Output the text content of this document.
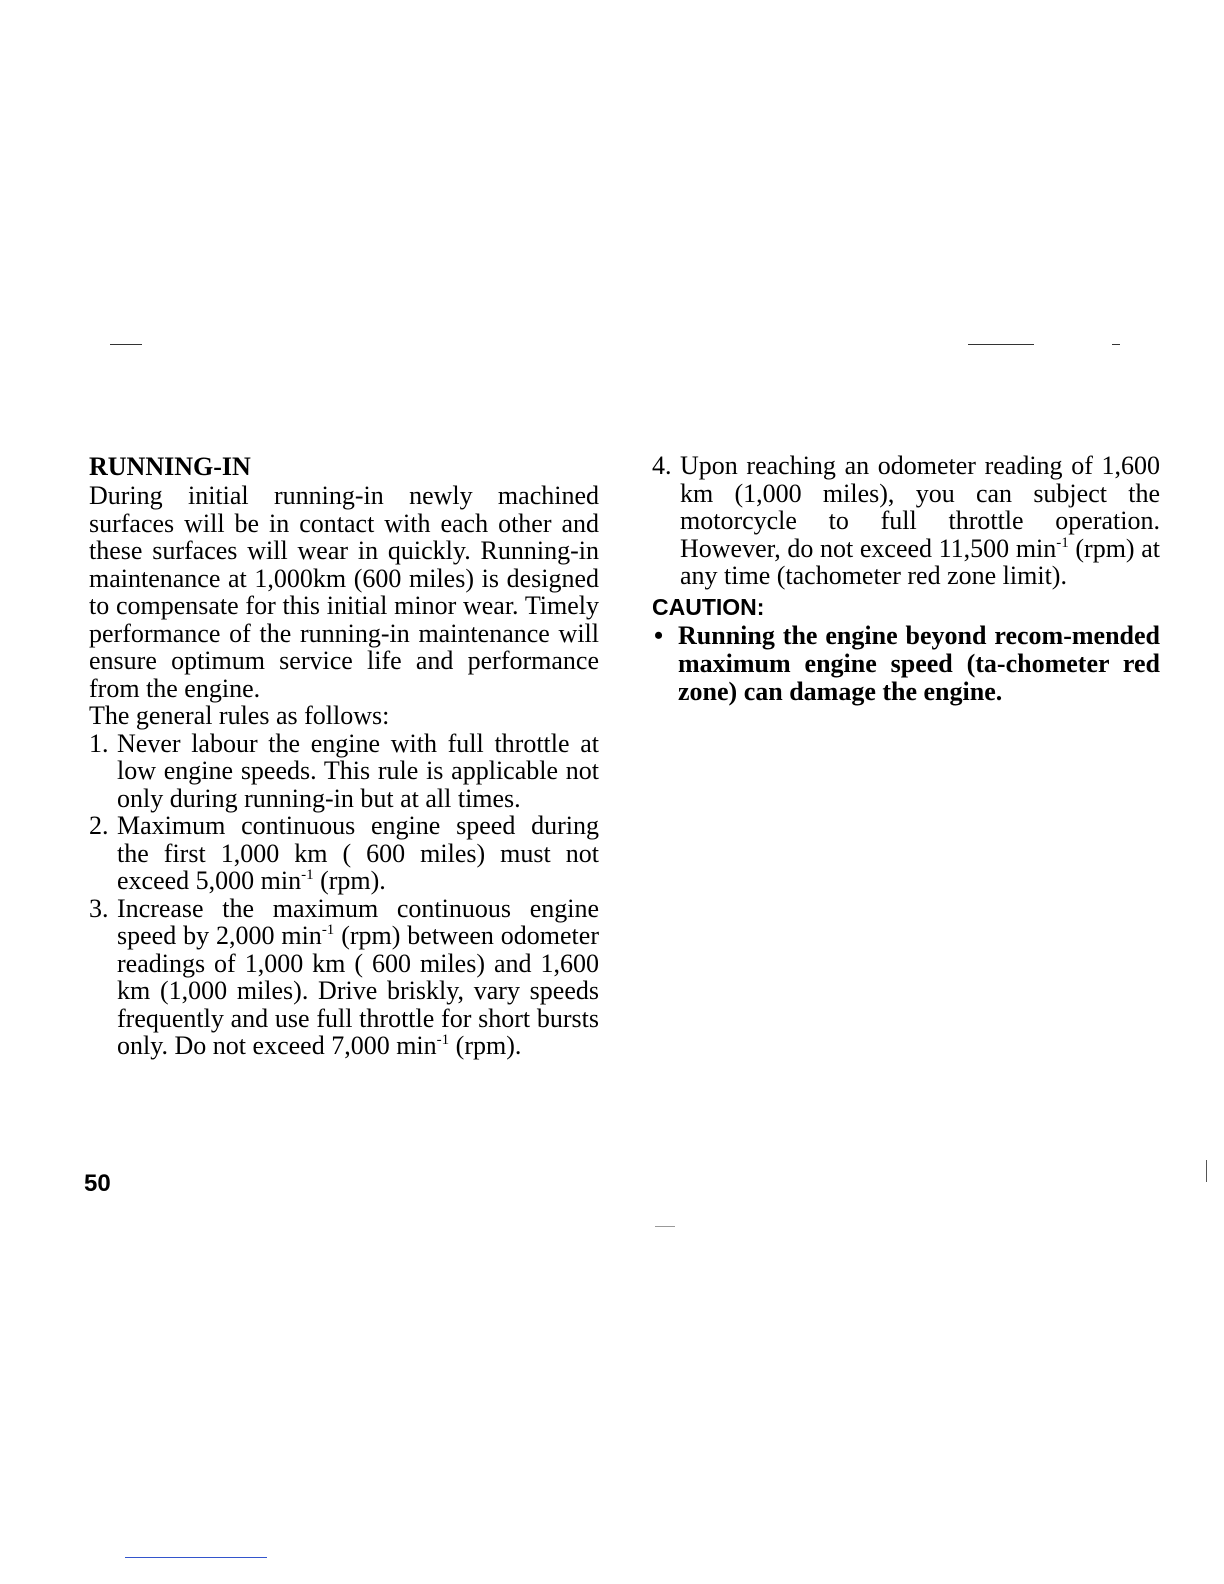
RUNNING-IN

During initial running-in newly machined surfaces will be in contact with each other and these surfaces will wear in quickly. Running-in maintenance at 1,000km (600 miles) is designed to compensate for this initial minor wear. Timely performance of the running-in maintenance will ensure optimum service life and performance from the engine.

The general rules as follows:

1. Never labour the engine with full throttle at low engine speeds. This rule is applicable not only during running-in but at all times.
2. Maximum continuous engine speed during the first 1,000 km ( 600 miles) must not exceed 5,000 $\min^{-1} (rpm)$.
3. Increase the maximum continuous engine speed by 2,000 $\min^{-1} (rpm)$ between odometer readings of 1,000 km ( 600 miles) and 1,600 km (1,000 miles). Drive briskly, vary speeds frequently and use full throttle for short bursts only. Do not exceed 7,000 $\min^{-1} (rpm)$.
4. Upon reaching an odometer reading of 1,600 km (1,000 miles), you can subject the motorcycle to full throttle operation. However, do not exceed 11,500 $\min^{-1} (rpm)$ at any time (tachometer red zone limit).
CAUTION:
• Running the engine beyond recom-mended maximum engine speed (ta-chometer red zone) can damage the engine.
50
